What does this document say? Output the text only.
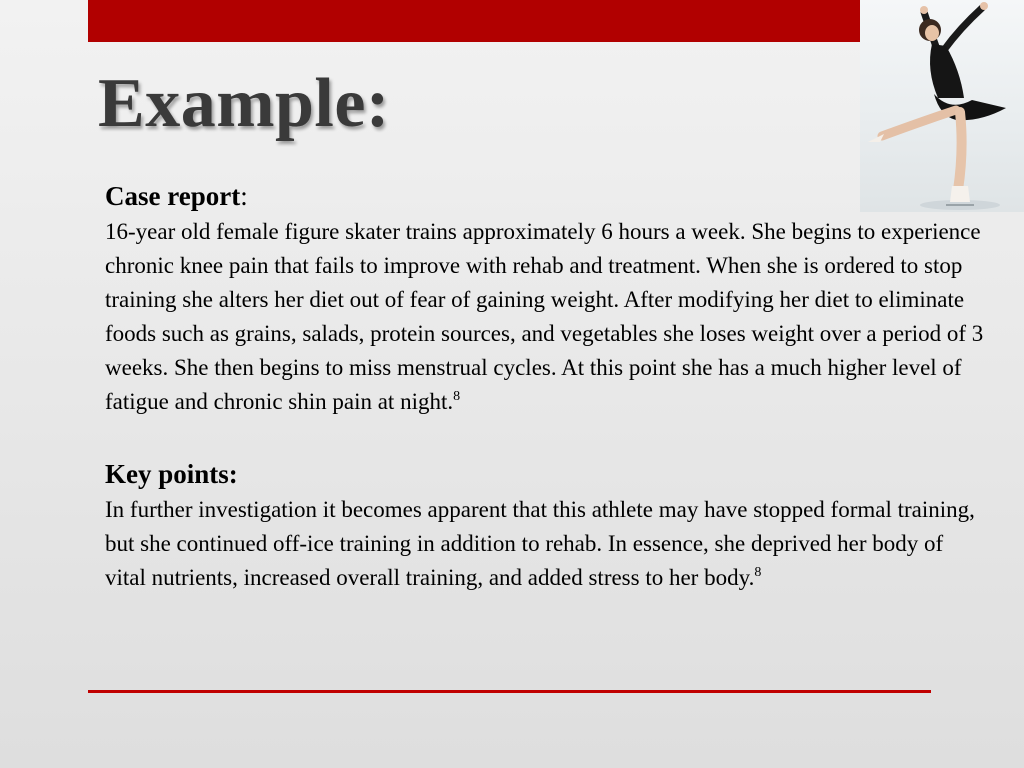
Example:
Case report:

16-year old female figure skater trains approximately 6 hours a week. She begins to experience chronic knee pain that fails to improve with rehab and treatment. When she is ordered to stop training she alters her diet out of fear of gaining weight. After modifying her diet to eliminate foods such as grains, salads, protein sources, and vegetables she loses weight over a period of 3 weeks. She then begins to miss menstrual cycles. At this point she has a much higher level of fatigue and chronic shin pain at night.$^8$

Key points:

In further investigation it becomes apparent that this athlete may have stopped formal training, but she continued off-ice training in addition to rehab. In essence, she deprived her body of vital nutrients, increased overall training, and added stress to her body.$^8$
